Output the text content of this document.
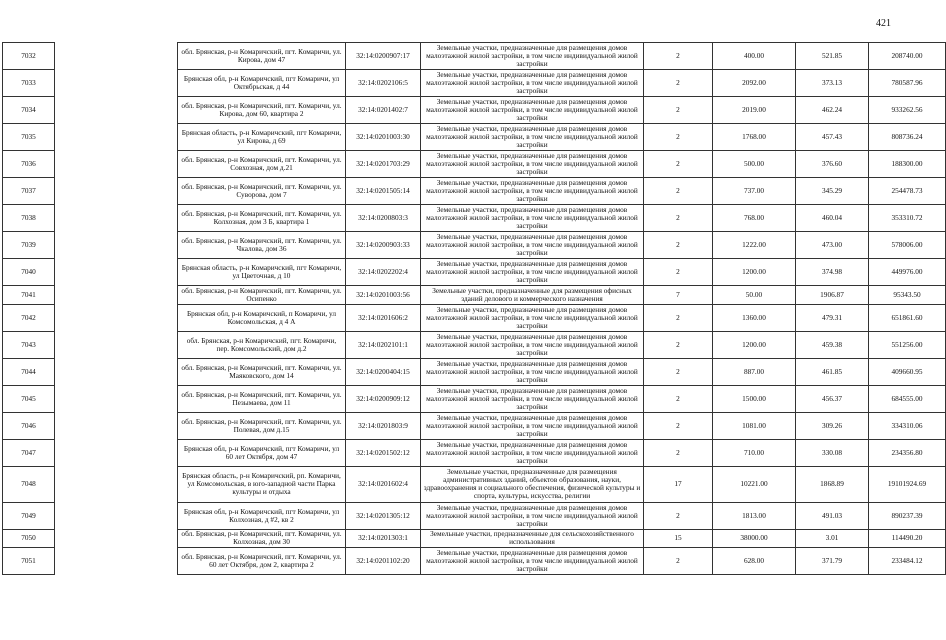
421
7032		обл. Брянская, р-н Комаричский, пгт. Комаричи, ул. Кирова, дом 47	32:14:0200907:17	Земельные участки, предназначенные для размещения домов малоэтажной жилой застройки, в том числе индивидуальной жилой застройки	2	400.00	521.85	208740.00
7033		Брянская обл, р-н Комаричский, пгт Комаричи, ул Октябрьская, д 44	32:14:0202106:5	Земельные участки, предназначенные для размещения домов малоэтажной жилой застройки, в том числе индивидуальной жилой застройки	2	2092.00	373.13	780587.96
7034		обл. Брянская, р-н Комаричский, пгт. Комаричи, ул. Кирова, дом 60, квартира 2	32:14:0201402:7	Земельные участки, предназначенные для размещения домов малоэтажной жилой застройки, в том числе индивидуальной жилой застройки	2	2019.00	462.24	933262.56
7035		Брянская область, р-н Комаричский, пгт Комаричи, ул Кирова, д 69	32:14:0201003:30	Земельные участки, предназначенные для размещения домов малоэтажной жилой застройки, в том числе индивидуальной жилой застройки	2	1768.00	457.43	808736.24
7036		обл. Брянская, р-н Комаричский, пгт. Комаричи, ул. Совхозная, дом д.21	32:14:0201703:29	Земельные участки, предназначенные для размещения домов малоэтажной жилой застройки, в том числе индивидуальной жилой застройки	2	500.00	376.60	188300.00
7037		обл. Брянская, р-н Комаричский, пгт. Комаричи, ул. Суворова, дом 7	32:14:0201505:14	Земельные участки, предназначенные для размещения домов малоэтажной жилой застройки, в том числе индивидуальной жилой застройки	2	737.00	345.29	254478.73
7038		обл. Брянская, р-н Комаричский, пгт. Комаричи, ул. Колхозная, дом 3 Б, квартира 1	32:14:0200803:3	Земельные участки, предназначенные для размещения домов малоэтажной жилой застройки, в том числе индивидуальной жилой застройки	2	768.00	460.04	353310.72
7039		обл. Брянская, р-н Комаричский, пгт. Комаричи, ул. Чкалова, дом 36	32:14:0200903:33	Земельные участки, предназначенные для размещения домов малоэтажной жилой застройки, в том числе индивидуальной жилой застройки	2	1222.00	473.00	578006.00
7040		Брянская область, р-н Комаричский, пгт Комаричи, ул Цветочная, д 10	32:14:0202202:4	Земельные участки, предназначенные для размещения домов малоэтажной жилой застройки, в том числе индивидуальной жилой застройки	2	1200.00	374.98	449976.00
7041		обл. Брянская, р-н Комаричский, пгт. Комаричи, ул. Осипенко	32:14:0201003:56	Земельные участки, предназначенные для размещения офисных зданий делового и коммерческого назначения	7	50.00	1906.87	95343.50
7042		Брянская обл, р-н Комаричский, п Комаричи, ул Комсомольская, д 4 А	32:14:0201606:2	Земельные участки, предназначенные для размещения домов малоэтажной жилой застройки, в том числе индивидуальной жилой застройки	2	1360.00	479.31	651861.60
7043		обл. Брянская, р-н Комаричский, пгт. Комаричи, пер. Комсомольский, дом д.2	32:14:0202101:1	Земельные участки, предназначенные для размещения домов малоэтажной жилой застройки, в том числе индивидуальной жилой застройки	2	1200.00	459.38	551256.00
7044		обл. Брянская, р-н Комаричский, пгт. Комаричи, ул. Маяковского, дом 14	32:14:0200404:15	Земельные участки, предназначенные для размещения домов малоэтажной жилой застройки, в том числе индивидуальной жилой застройки	2	887.00	461.85	409660.95
7045		обл. Брянская, р-н Комаричский, пгт. Комаричи, ул. Пезымаева, дом 11	32:14:0200909:12	Земельные участки, предназначенные для размещения домов малоэтажной жилой застройки, в том числе индивидуальной жилой застройки	2	1500.00	456.37	684555.00
7046		обл. Брянская, р-н Комаричский, пгт. Комаричи, ул. Полевая, дом д.15	32:14:0201803:9	Земельные участки, предназначенные для размещения домов малоэтажной жилой застройки, в том числе индивидуальной жилой застройки	2	1081.00	309.26	334310.06
7047		Брянская обл, р-н Комаричский, пгт Комаричи, ул 60 лет Октября, дом 47	32:14:0201502:12	Земельные участки, предназначенные для размещения домов малоэтажной жилой застройки, в том числе индивидуальной жилой застройки	2	710.00	330.08	234356.80
7048		Брянская область, р-н Комаричский, рп. Комаричи, ул Комсомольская, в юго-западной части Парка культуры и отдыха	32:14:0201602:4	Земельные участки, предназначенные для размещения административных зданий, объектов образования, науки, здравоохранения и социального обеспечения, физической культуры и спорта, культуры, искусства, религии	17	10221.00	1868.89	19101924.69
7049		Брянская обл, р-н Комаричский, пгт Комаричи, ул Колхозная, д #2, кв 2	32:14:0201305:12	Земельные участки, предназначенные для размещения домов малоэтажной жилой застройки, в том числе индивидуальной жилой застройки	2	1813.00	491.03	890237.39
7050		обл. Брянская, р-н Комаричский, пгт. Комаричи, ул. Колхозная, дом 30	32:14:0201303:1	Земельные участки, предназначенные для сельскохозяйственного использования	15	38000.00	3.01	114490.20
7051		обл. Брянская, р-н Комаричский, пгт. Комаричи, ул. 60 лет Октября, дом 2, квартира 2	32:14:0201102:20	Земельные участки, предназначенные для размещения домов малоэтажной жилой застройки, в том числе индивидуальной жилой застройки	2	628.00	371.79	233484.12
